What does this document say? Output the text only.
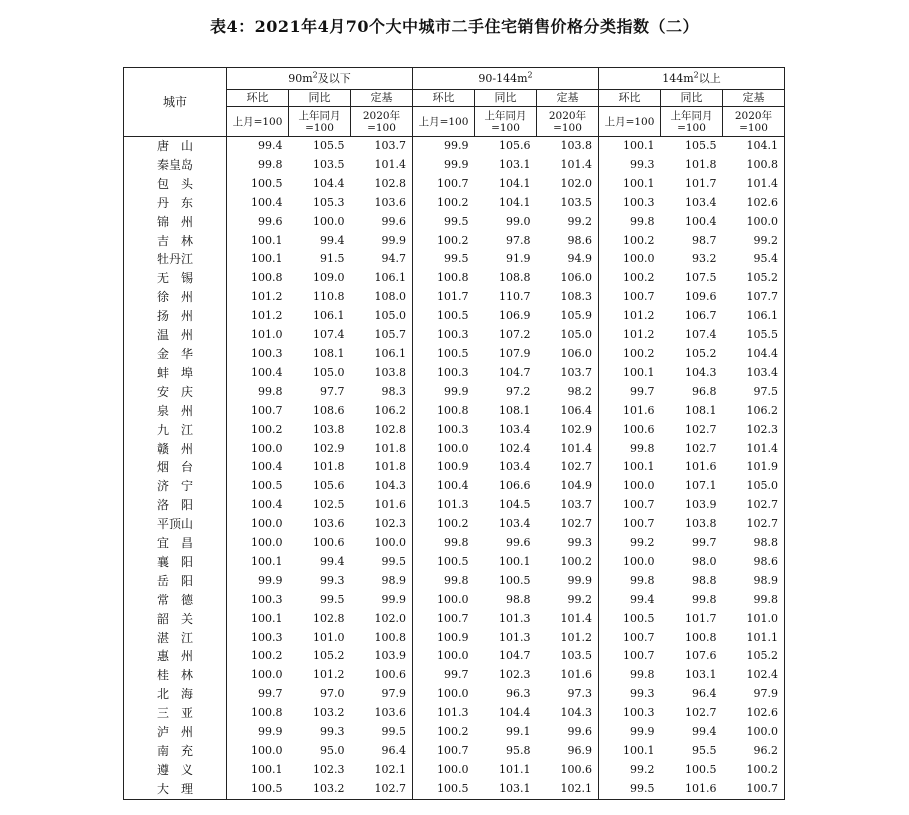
表4：2021年4月70个大中城市二手住宅销售价格分类指数（二）
城市	$90m^2$及以下			$90-144m^2$			$144m^2$以上		
	环比	同比	定基	环比	同比	定基	环比	同比	定基
	上月=100	上年同月=100	2020年=100	上月=100	上年同月=100	2020年=100	上月=100	上年同月=100	2020年=100
唐　山	99.4	105.5	103.7	99.9	105.6	103.8	100.1	105.5	104.1
秦皇岛	99.8	103.5	101.4	99.9	103.1	101.4	99.3	101.8	100.8
包　头	100.5	104.4	102.8	100.7	104.1	102.0	100.1	101.7	101.4
丹　东	100.4	105.3	103.6	100.2	104.1	103.5	100.3	103.4	102.6
锦　州	99.6	100.0	99.6	99.5	99.0	99.2	99.8	100.4	100.0
吉　林	100.1	99.4	99.9	100.2	97.8	98.6	100.2	98.7	99.2
牡丹江	100.1	91.5	94.7	99.5	91.9	94.9	100.0	93.2	95.4
无　锡	100.8	109.0	106.1	100.8	108.8	106.0	100.2	107.5	105.2
徐　州	101.2	110.8	108.0	101.7	110.7	108.3	100.7	109.6	107.7
扬　州	101.2	106.1	105.0	100.5	106.9	105.9	101.2	106.7	106.1
温　州	101.0	107.4	105.7	100.3	107.2	105.0	101.2	107.4	105.5
金　华	100.3	108.1	106.1	100.5	107.9	106.0	100.2	105.2	104.4
蚌　埠	100.4	105.0	103.8	100.3	104.7	103.7	100.1	104.3	103.4
安　庆	99.8	97.7	98.3	99.9	97.2	98.2	99.7	96.8	97.5
泉　州	100.7	108.6	106.2	100.8	108.1	106.4	101.6	108.1	106.2
九　江	100.2	103.8	102.8	100.3	103.4	102.9	100.6	102.7	102.3
赣　州	100.0	102.9	101.8	100.0	102.4	101.4	99.8	102.7	101.4
烟　台	100.4	101.8	101.8	100.9	103.4	102.7	100.1	101.6	101.9
济　宁	100.5	105.6	104.3	100.4	106.6	104.9	100.0	107.1	105.0
洛　阳	100.4	102.5	101.6	101.3	104.5	103.7	100.7	103.9	102.7
平顶山	100.0	103.6	102.3	100.2	103.4	102.7	100.7	103.8	102.7
宜　昌	100.0	100.6	100.0	99.8	99.6	99.3	99.2	99.7	98.8
襄　阳	100.1	99.4	99.5	100.5	100.1	100.2	100.0	98.0	98.6
岳　阳	99.9	99.3	98.9	99.8	100.5	99.9	99.8	98.8	98.9
常　德	100.3	99.5	99.9	100.0	98.8	99.2	99.4	99.8	99.8
韶　关	100.1	102.8	102.0	100.7	101.3	101.4	100.5	101.7	101.0
湛　江	100.3	101.0	100.8	100.9	101.3	101.2	100.7	100.8	101.1
惠　州	100.2	105.2	103.9	100.0	104.7	103.5	100.7	107.6	105.2
桂　林	100.0	101.2	100.6	99.7	102.3	101.6	99.8	103.1	102.4
北　海	99.7	97.0	97.9	100.0	96.3	97.3	99.3	96.4	97.9
三　亚	100.8	103.2	103.6	101.3	104.4	104.3	100.3	102.7	102.6
泸　州	99.9	99.3	99.5	100.2	99.1	99.6	99.9	99.4	100.0
南　充	100.0	95.0	96.4	100.7	95.8	96.9	100.1	95.5	96.2
遵　义	100.1	102.3	102.1	100.0	101.1	100.6	99.2	100.5	100.2
大　理	100.5	103.2	102.7	100.5	103.1	102.1	99.5	101.6	100.7
